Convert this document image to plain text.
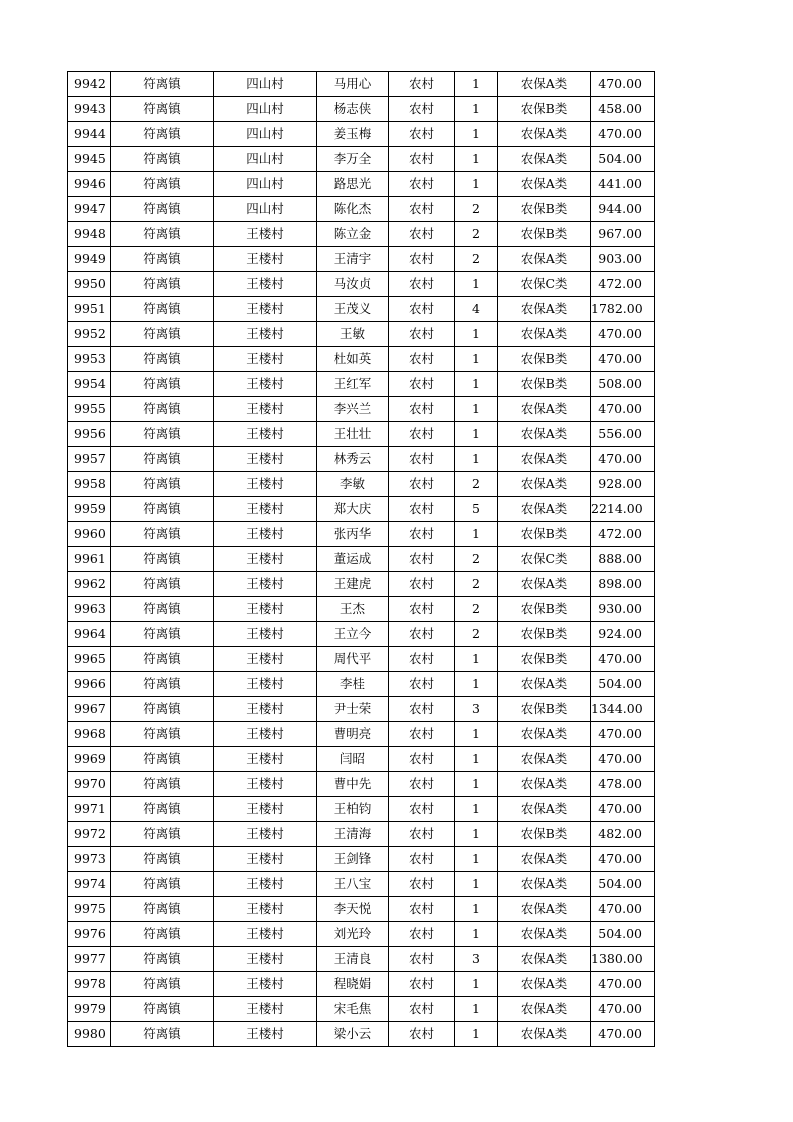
9942	符离镇	四山村	马用心	农村	1	农保A类	470.00
9943	符离镇	四山村	杨志侠	农村	1	农保B类	458.00
9944	符离镇	四山村	姜玉梅	农村	1	农保A类	470.00
9945	符离镇	四山村	李万全	农村	1	农保A类	504.00
9946	符离镇	四山村	路思光	农村	1	农保A类	441.00
9947	符离镇	四山村	陈化杰	农村	2	农保B类	944.00
9948	符离镇	王楼村	陈立金	农村	2	农保B类	967.00
9949	符离镇	王楼村	王清宇	农村	2	农保A类	903.00
9950	符离镇	王楼村	马汝贞	农村	1	农保C类	472.00
9951	符离镇	王楼村	王茂义	农村	4	农保A类	1782.00
9952	符离镇	王楼村	王敏	农村	1	农保A类	470.00
9953	符离镇	王楼村	杜如英	农村	1	农保B类	470.00
9954	符离镇	王楼村	王红军	农村	1	农保B类	508.00
9955	符离镇	王楼村	李兴兰	农村	1	农保A类	470.00
9956	符离镇	王楼村	王壮壮	农村	1	农保A类	556.00
9957	符离镇	王楼村	林秀云	农村	1	农保A类	470.00
9958	符离镇	王楼村	李敏	农村	2	农保A类	928.00
9959	符离镇	王楼村	郑大庆	农村	5	农保A类	2214.00
9960	符离镇	王楼村	张丙华	农村	1	农保B类	472.00
9961	符离镇	王楼村	董运成	农村	2	农保C类	888.00
9962	符离镇	王楼村	王建虎	农村	2	农保A类	898.00
9963	符离镇	王楼村	王杰	农村	2	农保B类	930.00
9964	符离镇	王楼村	王立今	农村	2	农保B类	924.00
9965	符离镇	王楼村	周代平	农村	1	农保B类	470.00
9966	符离镇	王楼村	李桂	农村	1	农保A类	504.00
9967	符离镇	王楼村	尹士荣	农村	3	农保B类	1344.00
9968	符离镇	王楼村	曹明亮	农村	1	农保A类	470.00
9969	符离镇	王楼村	闫昭	农村	1	农保A类	470.00
9970	符离镇	王楼村	曹中先	农村	1	农保A类	478.00
9971	符离镇	王楼村	王柏钧	农村	1	农保A类	470.00
9972	符离镇	王楼村	王清海	农村	1	农保B类	482.00
9973	符离镇	王楼村	王剑锋	农村	1	农保A类	470.00
9974	符离镇	王楼村	王八宝	农村	1	农保A类	504.00
9975	符离镇	王楼村	李天悦	农村	1	农保A类	470.00
9976	符离镇	王楼村	刘光玲	农村	1	农保A类	504.00
9977	符离镇	王楼村	王清良	农村	3	农保A类	1380.00
9978	符离镇	王楼村	程晓娟	农村	1	农保A类	470.00
9979	符离镇	王楼村	宋毛焦	农村	1	农保A类	470.00
9980	符离镇	王楼村	梁小云	农村	1	农保A类	470.00
